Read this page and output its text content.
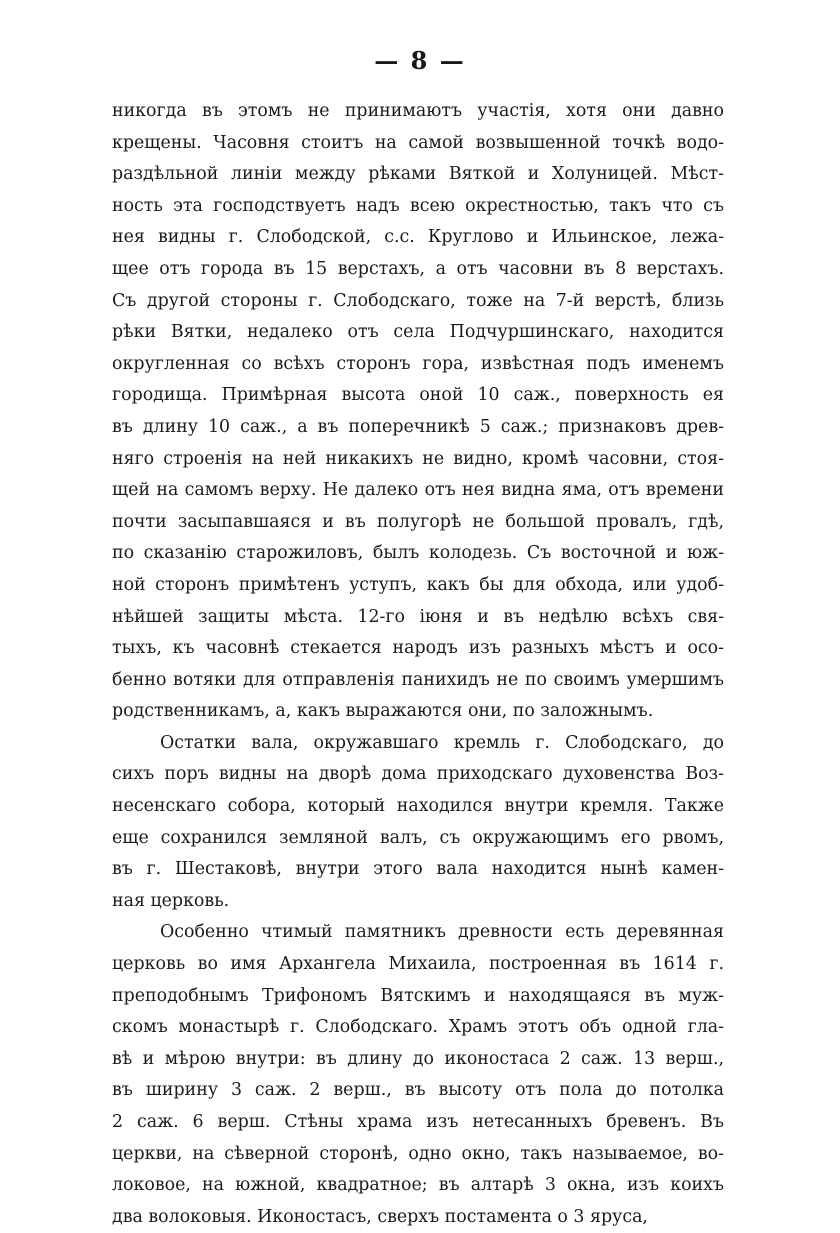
— 8 —
никогда въ этомъ не принимаютъ участія, хотя они давно
крещены. Часовня стоитъ на самой возвышенной точкѣ водо-
раздѣльной линіи между рѣками Вяткой и Холуницей. Мѣст-
ность эта господствуетъ надъ всею окрестностью, такъ что съ
нея видны г. Слободской, с.с. Круглово и Ильинское, лежа-
щее отъ города въ 15 верстахъ, а отъ часовни въ 8 верстахъ.
Съ другой стороны г. Слободскаго, тоже на 7-й верстѣ, близь
рѣки Вятки, недалеко отъ села Подчуршинскаго, находится
округленная со всѣхъ сторонъ гора, извѣстная подъ именемъ
городища. Примѣрная высота оной 10 саж., поверхность ея
въ длину 10 саж., а въ поперечникѣ 5 саж.; признаковъ древ-
няго строенія на ней никакихъ не видно, кромѣ часовни, стоя-
щей на самомъ верху. Не далеко отъ нея видна яма, отъ времени
почти засыпавшаяся и въ полугорѣ не большой провалъ, гдѣ,
по сказанію старожиловъ, былъ колодезь. Съ восточной и юж-
ной сторонъ примѣтенъ уступъ, какъ бы для обхода, или удоб-
нѣйшей защиты мѣста. 12-го іюня и въ недѣлю всѣхъ свя-
тыхъ, къ часовнѣ стекается народъ изъ разныхъ мѣстъ и осо-
бенно вотяки для отправленія панихидъ не по своимъ умершимъ
родственникамъ, а, какъ выражаются они, по заложнымъ.
Остатки вала, окружавшаго кремль г. Слободскаго, до
сихъ поръ видны на дворѣ дома приходскаго духовенства Воз-
несенскаго собора, который находился внутри кремля. Также
еще сохранился земляной валъ, съ окружающимъ его рвомъ,
въ г. Шестаковѣ, внутри этого вала находится нынѣ камен-
ная церковь.
Особенно чтимый памятникъ древности есть деревянная
церковь во имя Архангела Михаила, построенная въ 1614 г.
преподобнымъ Трифономъ Вятскимъ и находящаяся въ муж-
скомъ монастырѣ г. Слободскаго. Храмъ этотъ объ одной гла-
вѣ и мѣрою внутри: въ длину до иконостаса 2 саж. 13 верш.,
въ ширину 3 саж. 2 верш., въ высоту отъ пола до потолка
2 саж. 6 верш. Стѣны храма изъ нетесанныхъ бревенъ. Въ
церкви, на сѣверной сторонѣ, одно окно, такъ называемое, во-
локовое, на южной, квадратное; въ алтарѣ 3 окна, изъ коихъ
два волоковыя. Иконостасъ, сверхъ постамента о 3 яруса,
